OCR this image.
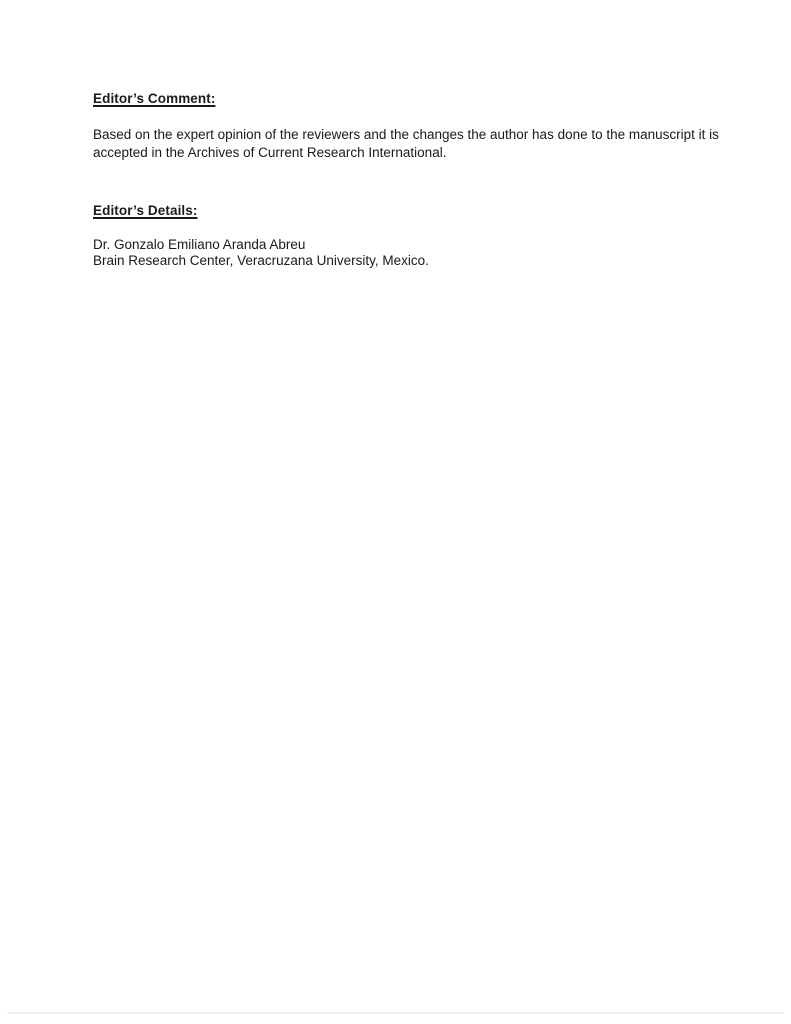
Editor’s Comment:

Based on the expert opinion of the reviewers and the changes the author has done to the manuscript it is
accepted in the Archives of Current Research International.

Editor’s Details:

Dr. Gonzalo Emiliano Aranda Abreu
Brain Research Center, Veracruzana University, Mexico.
